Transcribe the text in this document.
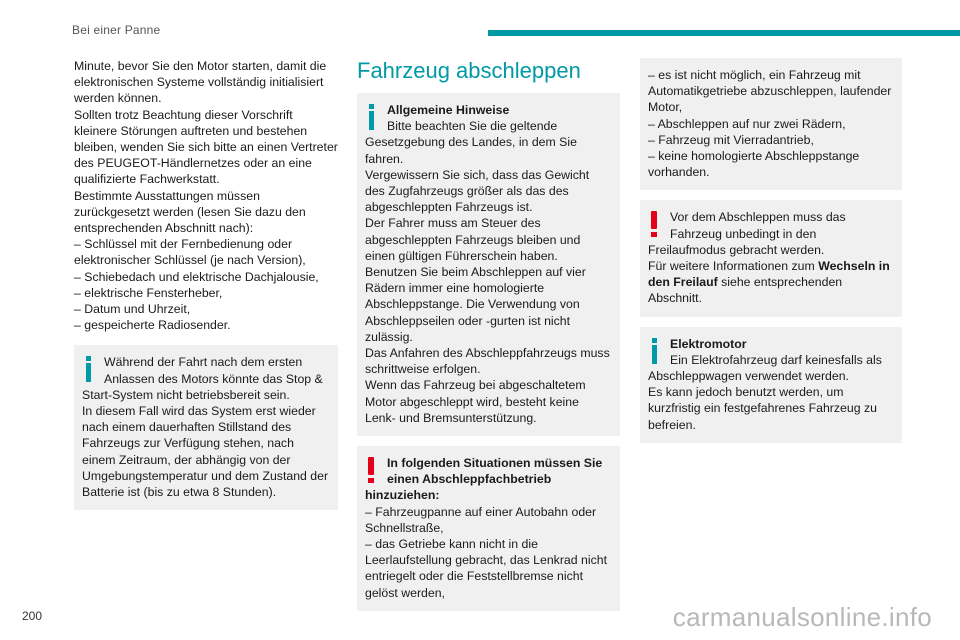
Bei einer Panne

Minute, bevor Sie den Motor starten, damit die elektronischen Systeme vollständig initialisiert werden können.
Sollten trotz Beachtung dieser Vorschrift kleinere Störungen auftreten und bestehen bleiben, wenden Sie sich bitte an einen Vertreter des PEUGEOT-Händlernetzes oder an eine qualifizierte Fachwerkstatt.
Bestimmte Ausstattungen müssen zurückgesetzt werden (lesen Sie dazu den entsprechenden Abschnitt nach):
– Schlüssel mit der Fernbedienung oder elektronischer Schlüssel (je nach Version),
– Schiebedach und elektrische Dachjalousie,
– elektrische Fensterheber,
– Datum und Uhrzeit,
– gespeicherte Radiosender.

Während der Fahrt nach dem ersten Anlassen des Motors könnte das Stop & Start-System nicht betriebsbereit sein.
In diesem Fall wird das System erst wieder nach einem dauerhaften Stillstand des Fahrzeugs zur Verfügung stehen, nach einem Zeitraum, der abhängig von der Umgebungstemperatur und dem Zustand der Batterie ist (bis zu etwa 8 Stunden).
Fahrzeug abschleppen
Allgemeine Hinweise
Bitte beachten Sie die geltende Gesetzgebung des Landes, in dem Sie fahren.
Vergewissern Sie sich, dass das Gewicht des Zugfahrzeugs größer als das des abgeschleppten Fahrzeugs ist.
Der Fahrer muss am Steuer des abgeschleppten Fahrzeugs bleiben und einen gültigen Führerschein haben.
Benutzen Sie beim Abschleppen auf vier Rädern immer eine homologierte Abschleppstange. Die Verwendung von Abschleppseilen oder -gurten ist nicht zulässig.
Das Anfahren des Abschleppfahrzeugs muss schrittweise erfolgen.
Wenn das Fahrzeug bei abgeschaltetem Motor abgeschleppt wird, besteht keine Lenk- und Bremsunterstützung.
In folgenden Situationen müssen Sie einen Abschleppfachbetrieb hinzuziehen:
– Fahrzeugpanne auf einer Autobahn oder Schnellstraße,
– das Getriebe kann nicht in die Leerlaufstellung gebracht, das Lenkrad nicht entriegelt oder die Feststellbremse nicht gelöst werden,
– es ist nicht möglich, ein Fahrzeug mit Automatikgetriebe abzuschleppen, laufender Motor,
– Abschleppen auf nur zwei Rädern,
– Fahrzeug mit Vierradantrieb,
– keine homologierte Abschleppstange vorhanden.
Vor dem Abschleppen muss das Fahrzeug unbedingt in den Freilaufmodus gebracht werden.
Für weitere Informationen zum Wechseln in den Freilauf siehe entsprechenden Abschnitt.
Elektromotor
Ein Elektrofahrzeug darf keinesfalls als Abschleppwagen verwendet werden.
Es kann jedoch benutzt werden, um kurzfristig ein festgefahrenes Fahrzeug zu befreien.
200	carmanualsonline.info
